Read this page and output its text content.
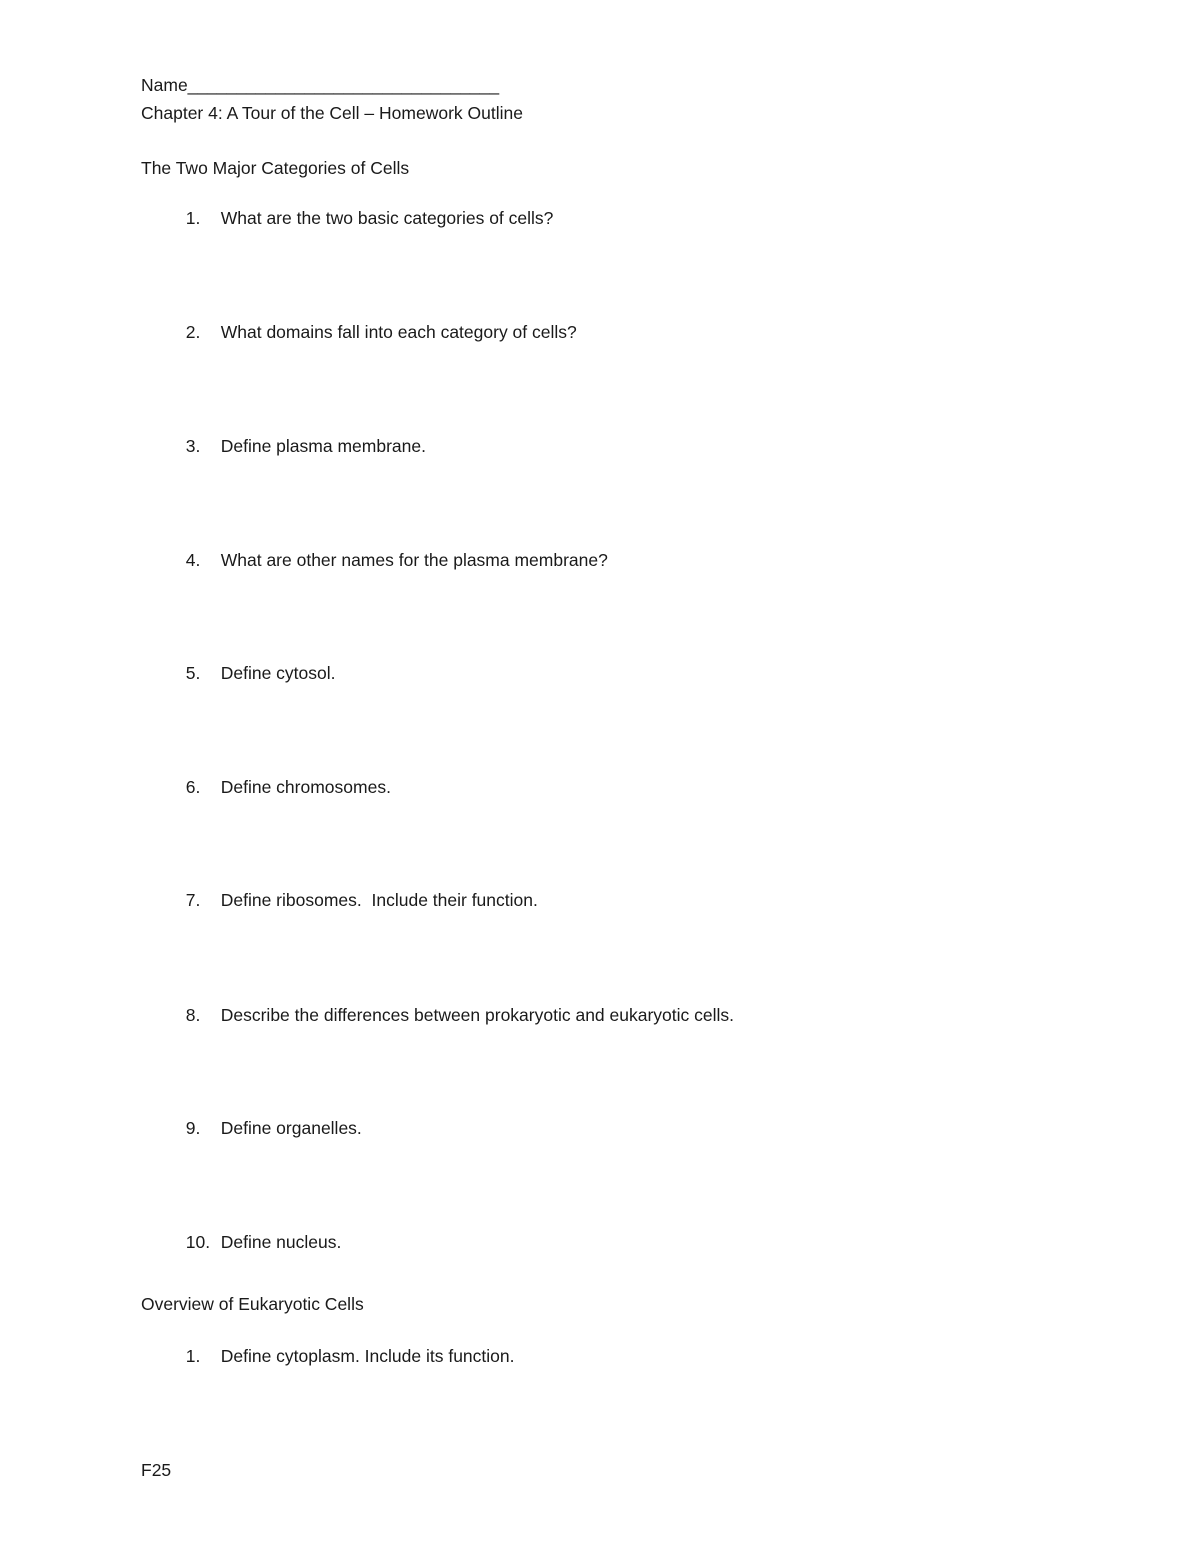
Name________________________________
Chapter 4: A Tour of the Cell – Homework Outline
The Two Major Categories of Cells

1. What are the two basic categories of cells?

2. What domains fall into each category of cells?

3. Define plasma membrane.

4. What are other names for the plasma membrane?

5. Define cytosol.

6. Define chromosomes.

7. Define ribosomes.  Include their function.

8. Describe the differences between prokaryotic and eukaryotic cells.

9. Define organelles.

10. Define nucleus.

Overview of Eukaryotic Cells

1. Define cytoplasm. Include its function.

F25
